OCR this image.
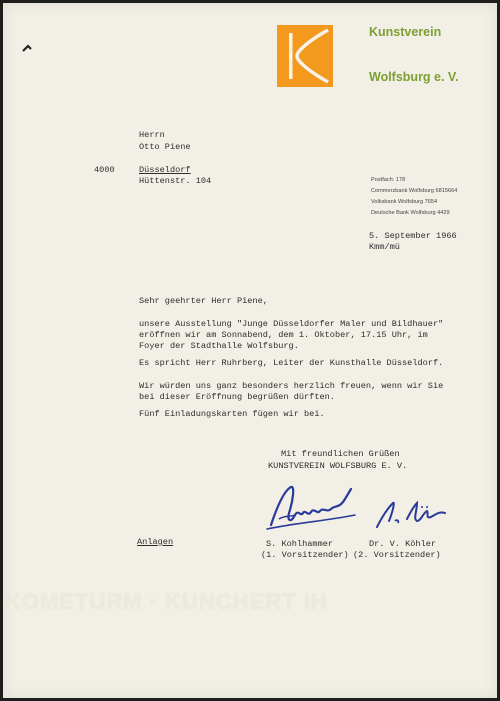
Kunstverein
Wolfsburg e. V.
Postfach: 178
Commerzbank Wolfsburg 6815664
Volksbank Wolfsburg 7654
Deutsche Bank Wolfsburg 4429
Herrn
Otto Piene
4000	Düsseldorf
Hüttenstr. 104
5. September 1966
Kmm/mü
Sehr geehrter Herr Piene,
unsere Ausstellung "Junge Düsseldorfer Maler und Bildhauer"
eröffnen wir am Sonnabend, dem 1. Oktober, 17.15 Uhr, im
Foyer der Stadthalle Wolfsburg.
Es spricht Herr Ruhrberg, Leiter der Kunsthalle Düsseldorf.
Wir würden uns ganz besonders herzlich freuen, wenn wir Sie
bei dieser Eröffnung begrüßen dürften.
Fünf Einladungskarten fügen wir bei.
Mit freundlichen Grüßen
KUNSTVEREIN WOLFSBURG E. V.
Anlagen	S. Kohlhammer
(1. Vorsitzender)
Dr. V. Köhler
(2. Vorsitzender)
KOMETURM · KUNCHERT IH
